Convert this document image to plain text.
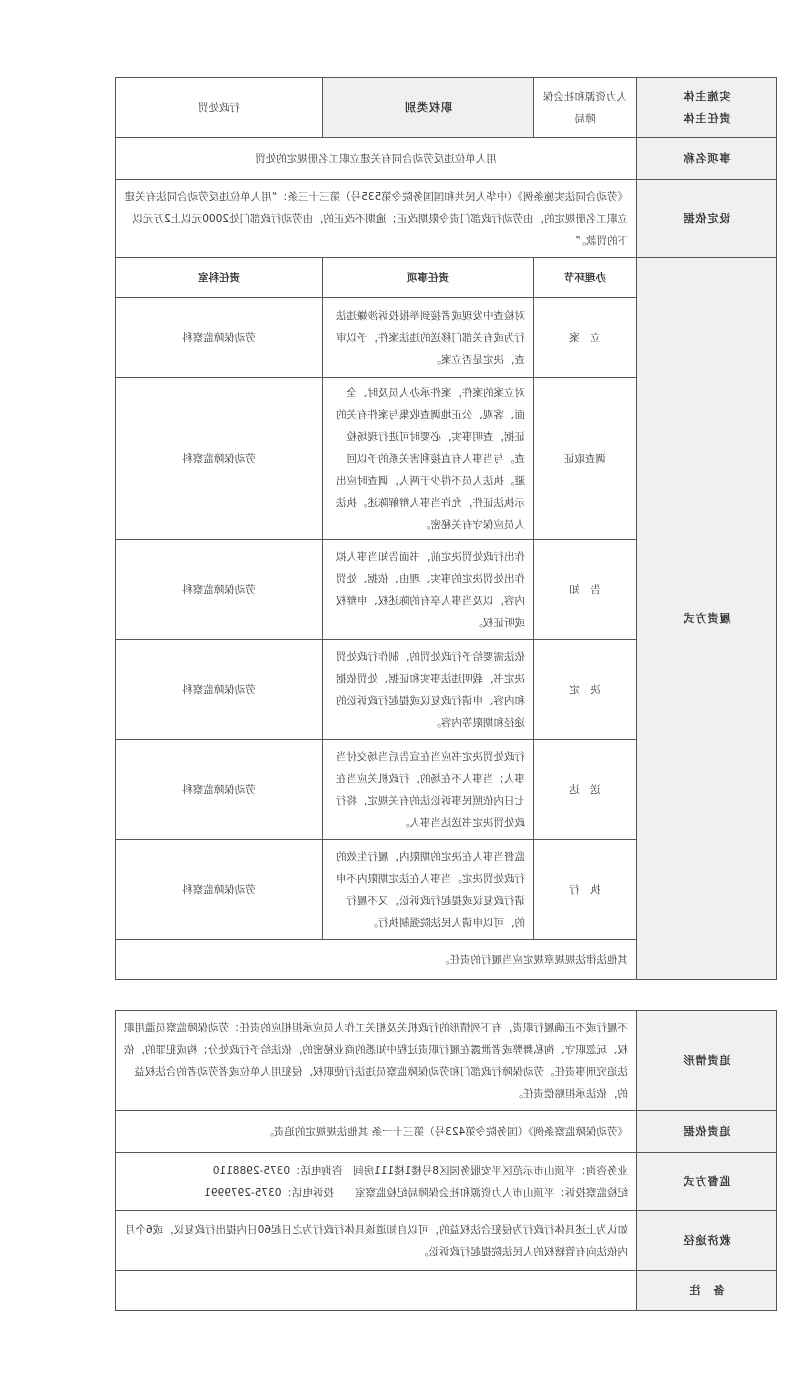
实施主体
责任主体	人力资源和社会保障局	职权类别	行政处罚
事项名称	用人单位违反劳动合同有关建立职工名册规定的处罚		
设定依据	《劳动合同法实施条例》（中华人民共和国国务院令第535号）第三十三条：“用人单位违反劳动合同法有关建立职工名册规定的，由劳动行政部门责令限期改正；逾期不改正的，由劳动行政部门处2000元以上2万元以下的罚款。”		
履责方式	办理环节	责任事项	责任科室
	立　案	对检查中发现或者接到举报投诉涉嫌违法行为或有关部门移送的违法案件，予以审查，决定是否立案。	劳动保障监察科
	调查取证	对立案的案件，案件承办人员及时、全面、客观、公正地调查收集与案件有关的证据，查明事实，必要时可进行现场检查。与当事人有直接利害关系的予以回避。执法人员不得少于两人，调查时应出示执法证件，允许当事人辩解陈述。执法人员应保守有关秘密。	劳动保障监察科
	告　知	作出行政处罚决定前，书面告知当事人拟作出处罚决定的事实、理由、依据、处罚内容，以及当事人享有的陈述权、申辩权或听证权。	劳动保障监察科
	决　定	依法需要给予行政处罚的，制作行政处罚决定书，载明违法事实和证据、处罚依据和内容、申请行政复议或提起行政诉讼的途径和期限等内容。	劳动保障监察科
	送　达	行政处罚决定书应当在宣告后当场交付当事人；当事人不在场的，行政机关应当在七日内依照民事诉讼法的有关规定，将行政处罚决定书送达当事人。	劳动保障监察科
	执　行	监督当事人在决定的期限内，履行生效的行政处罚决定。当事人在法定期限内不申请行政复议或提起行政诉讼，又不履行的，可以申请人民法院强制执行。	劳动保障监察科
	其他法律法规规章规定应当履行的责任。		
追责情形	不履行或不正确履行职责，有下列情形的行政机关及相关工作人员应承担相应的责任：劳动保障监察员滥用职权、玩忽职守、徇私舞弊或者泄露在履行职责过程中知悉的商业秘密的，依法给予行政处分；构成犯罪的，依法追究刑事责任。劳动保障行政部门和劳动保障监察员违法行使职权，侵犯用人单位或者劳动者的合法权益的，依法承担赔偿责任。
追责依据	《劳动保障监察条例》（国务院令第423号）第三十一条 其他法规规定的追责。
监督方式	业务咨询：平顶山市示范区平安服务园区8号楼1楼111房间　咨询电话：0375-2988110
纪检监察投诉：平顶山市人力资源和社会保障局纪检监察室　　投诉电话：0375-2979991

救济途径	如认为上述具体行政行为侵犯合法权益的，可以自知道该具体行政行为之日起60日内提出行政复议，或6个月内依法向有管辖权的人民法院提起行政诉讼。
备　注	
